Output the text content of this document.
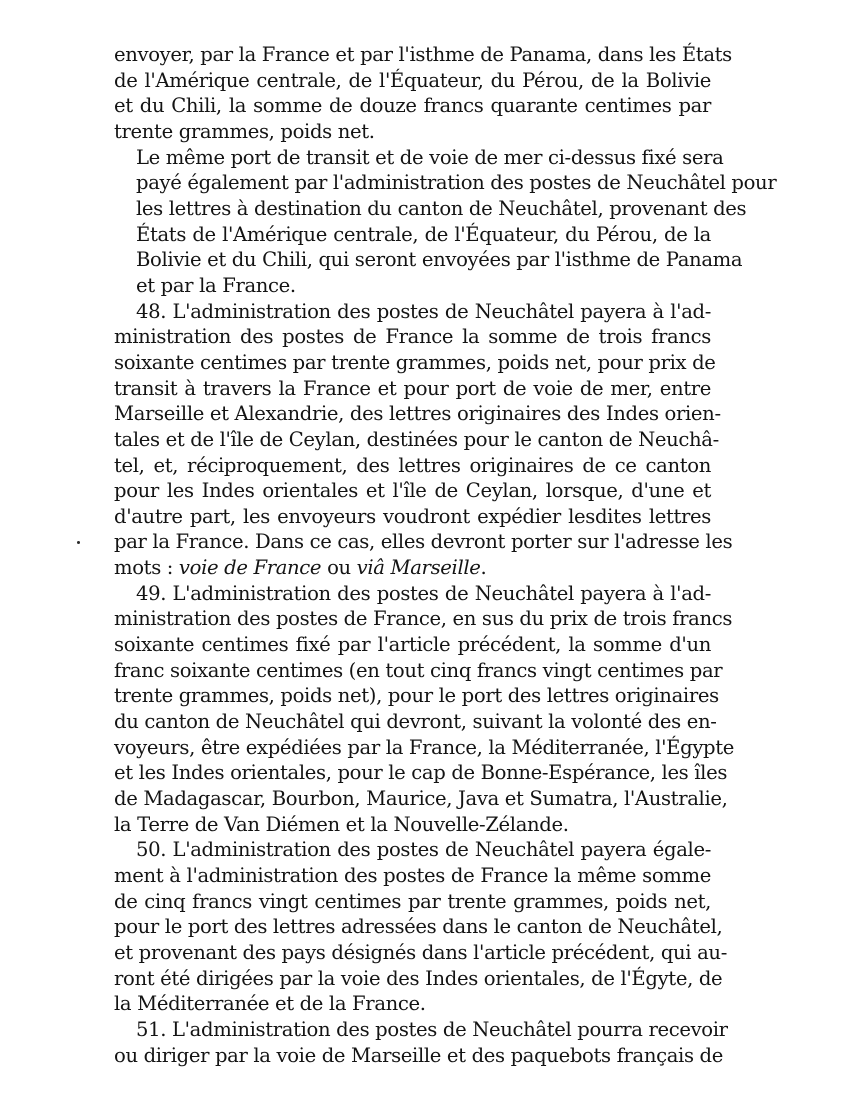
envoyer, par la France et par l'isthme de Panama, dans les États
de l'Amérique centrale, de l'Équateur, du Pérou, de la Bolivie
et du Chili, la somme de douze francs quarante centimes par
trente grammes, poids net.

Le même port de transit et de voie de mer ci-dessus fixé sera
payé également par l'administration des postes de Neuchâtel pour
les lettres à destination du canton de Neuchâtel, provenant des
États de l'Amérique centrale, de l'Équateur, du Pérou, de la
Bolivie et du Chili, qui seront envoyées par l'isthme de Panama
et par la France.

48. L'administration des postes de Neuchâtel payera à l'ad-
ministration des postes de France la somme de trois francs
soixante centimes par trente grammes, poids net, pour prix de
transit à travers la France et pour port de voie de mer, entre
Marseille et Alexandrie, des lettres originaires des Indes orien-
tales et de l'île de Ceylan, destinées pour le canton de Neuchâ-
tel, et, réciproquement, des lettres originaires de ce canton
pour les Indes orientales et l'île de Ceylan, lorsque, d'une et
d'autre part, les envoyeurs voudront expédier lesdites lettres
par la France. Dans ce cas, elles devront porter sur l'adresse les
mots : voie de France ou viâ Marseille.

49. L'administration des postes de Neuchâtel payera à l'ad-
ministration des postes de France, en sus du prix de trois francs
soixante centimes fixé par l'article précédent, la somme d'un
franc soixante centimes (en tout cinq francs vingt centimes par
trente grammes, poids net), pour le port des lettres originaires
du canton de Neuchâtel qui devront, suivant la volonté des en-
voyeurs, être expédiées par la France, la Méditerranée, l'Égypte
et les Indes orientales, pour le cap de Bonne-Espérance, les îles
de Madagascar, Bourbon, Maurice, Java et Sumatra, l'Australie,
la Terre de Van Diémen et la Nouvelle-Zélande.

50. L'administration des postes de Neuchâtel payera égale-
ment à l'administration des postes de France la même somme
de cinq francs vingt centimes par trente grammes, poids net,
pour le port des lettres adressées dans le canton de Neuchâtel,
et provenant des pays désignés dans l'article précédent, qui au-
ront été dirigées par la voie des Indes orientales, de l'Égyte, de
la Méditerranée et de la France.

51. L'administration des postes de Neuchâtel pourra recevoir
ou diriger par la voie de Marseille et des paquebots français de
